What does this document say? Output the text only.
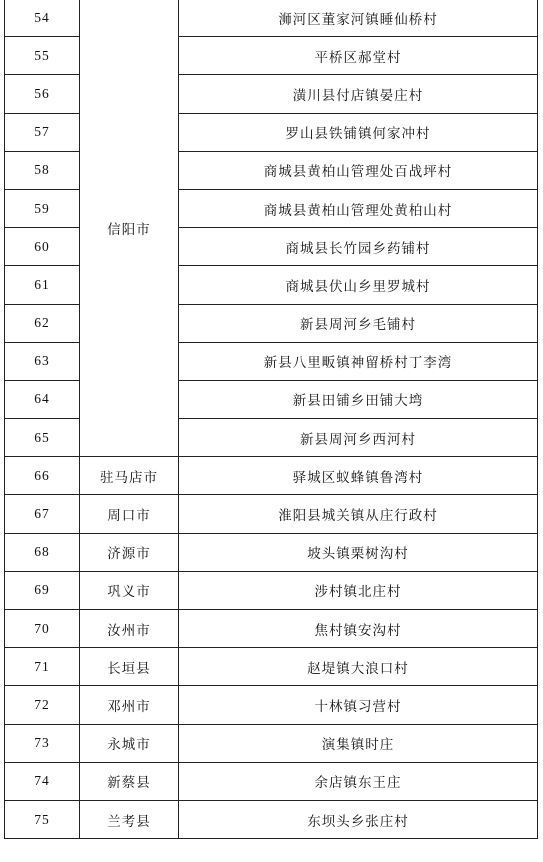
54	信阳市	浉河区董家河镇睡仙桥村
55		平桥区郝堂村
56		潢川县付店镇晏庄村
57		罗山县铁铺镇何家冲村
58		商城县黄柏山管理处百战坪村
59		商城县黄柏山管理处黄柏山村
60		商城县长竹园乡药铺村
61		商城县伏山乡里罗城村
62		新县周河乡毛铺村
63		新县八里畈镇神留桥村丁李湾
64		新县田铺乡田铺大塆
65		新县周河乡西河村
66	驻马店市	驿城区蚁蜂镇鲁湾村
67	周口市	淮阳县城关镇从庄行政村
68	济源市	坡头镇栗树沟村
69	巩义市	涉村镇北庄村
70	汝州市	焦村镇安沟村
71	长垣县	赵堤镇大浪口村
72	邓州市	十林镇习营村
73	永城市	演集镇时庄
74	新蔡县	余店镇东王庄
75	兰考县	东坝头乡张庄村
